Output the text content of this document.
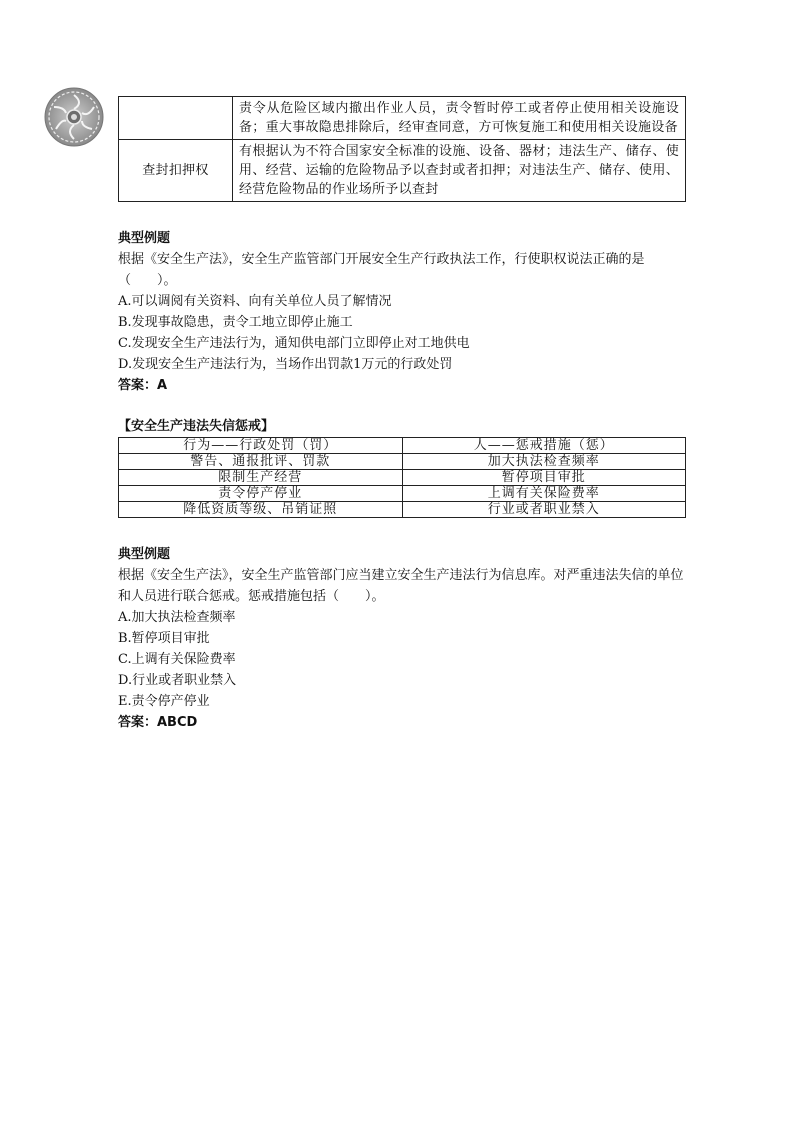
	责令从危险区域内撤出作业人员，责令暂时停工或者停止使用相关设施设备；重大事故隐患排除后，经审查同意，方可恢复施工和使用相关设施设备
查封扣押权	有根据认为不符合国家安全标准的设施、设备、器材；违法生产、储存、使用、经营、运输的危险物品予以查封或者扣押；对违法生产、储存、使用、经营危险物品的作业场所予以查封

典型例题

根据《安全生产法》，安全生产监管部门开展安全生产行政执法工作，行使职权说法正确的是（　　）。

A.可以调阅有关资料、向有关单位人员了解情况

B.发现事故隐患，责令工地立即停止施工

C.发现安全生产违法行为，通知供电部门立即停止对工地供电

D.发现安全生产违法行为，当场作出罚款1万元的行政处罚

答案：A

【安全生产违法失信惩戒】

行为——行政处罚（罚）	人——惩戒措施（惩）
警告、通报批评、罚款	加大执法检查频率
限制生产经营	暂停项目审批
责令停产停业	上调有关保险费率
降低资质等级、吊销证照	行业或者职业禁入

典型例题

根据《安全生产法》，安全生产监管部门应当建立安全生产违法行为信息库。对严重违法失信的单位和人员进行联合惩戒。惩戒措施包括（　　）。

A.加大执法检查频率

B.暂停项目审批

C.上调有关保险费率

D.行业或者职业禁入

E.责令停产停业

答案：ABCD
